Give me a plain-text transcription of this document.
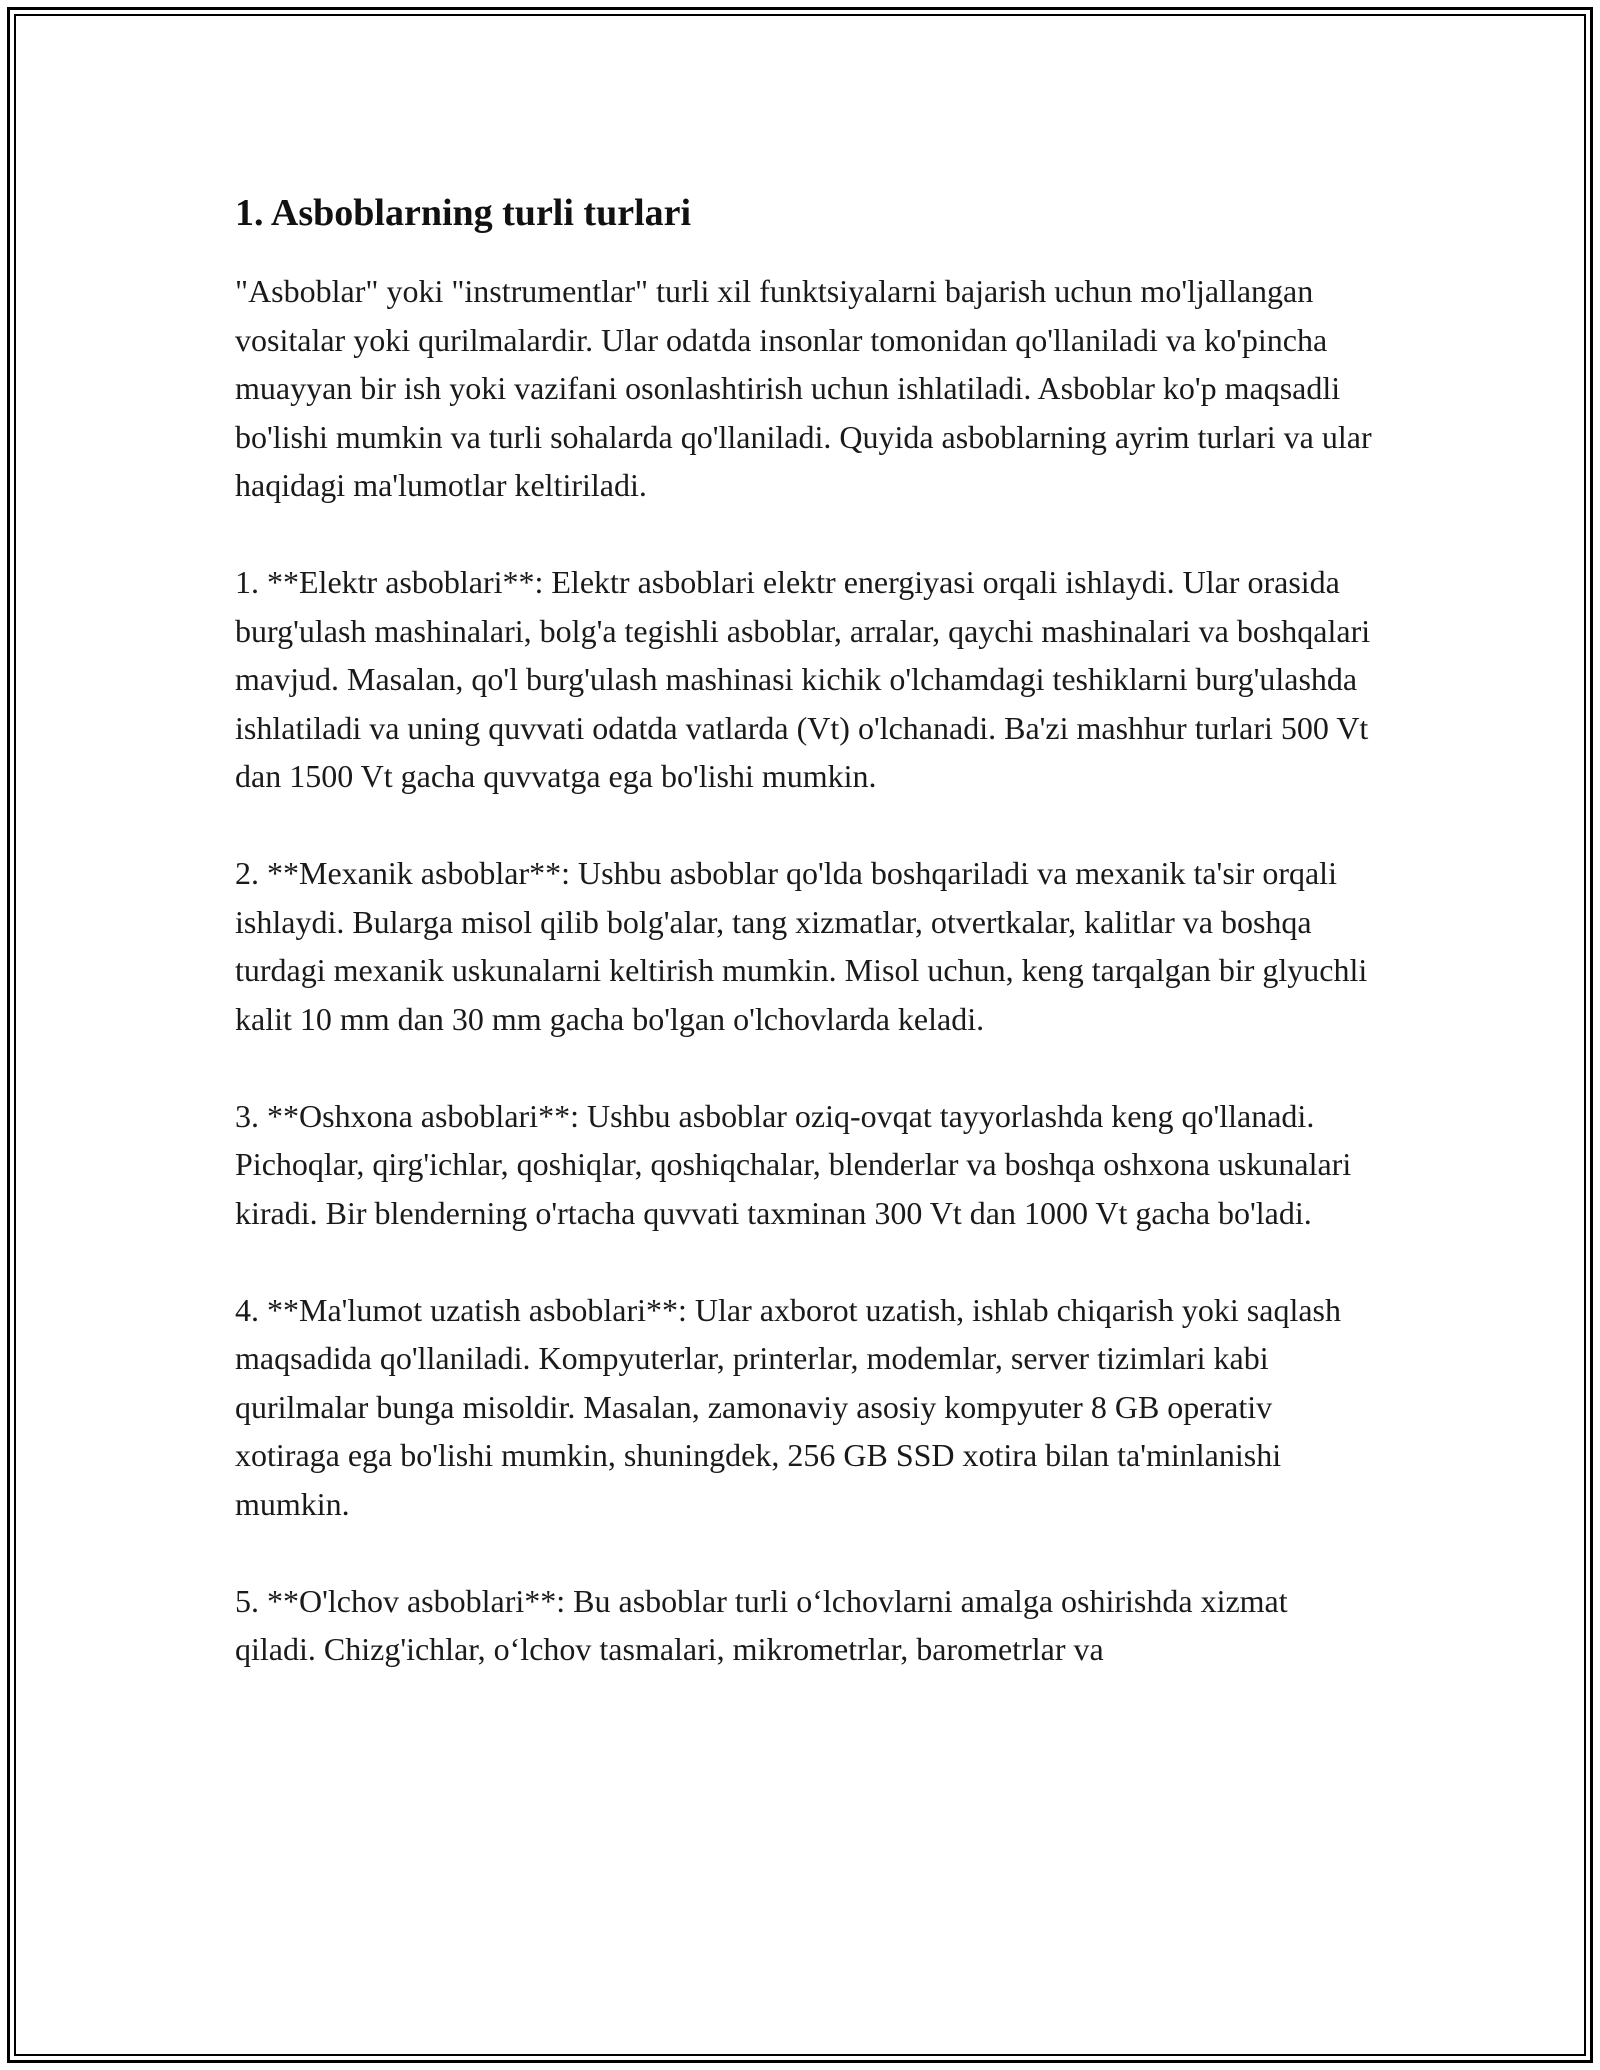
1. Asboblarning turli turlari

"Asboblar" yoki "instrumentlar" turli xil funktsiyalarni bajarish uchun mo'ljallangan vositalar yoki qurilmalardir. Ular odatda insonlar tomonidan qo'llaniladi va ko'pincha muayyan bir ish yoki vazifani osonlashtirish uchun ishlatiladi. Asboblar ko'p maqsadli bo'lishi mumkin va turli sohalarda qo'llaniladi. Quyida asboblarning ayrim turlari va ular haqidagi ma'lumotlar keltiriladi.

1. **Elektr asboblari**: Elektr asboblari elektr energiyasi orqali ishlaydi. Ular orasida burg'ulash mashinalari, bolg'a tegishli asboblar, arralar, qaychi mashinalari va boshqalari mavjud. Masalan, qo'l burg'ulash mashinasi kichik o'lchamdagi teshiklarni burg'ulashda ishlatiladi va uning quvvati odatda vatlarda (Vt) o'lchanadi. Ba'zi mashhur turlari 500 Vt dan 1500 Vt gacha quvvatga ega bo'lishi mumkin.

2. **Mexanik asboblar**: Ushbu asboblar qo'lda boshqariladi va mexanik ta'sir orqali ishlaydi. Bularga misol qilib bolg'alar, tang xizmatlar, otvertkalar, kalitlar va boshqa turdagi mexanik uskunalarni keltirish mumkin. Misol uchun, keng tarqalgan bir glyuchli kalit 10 mm dan 30 mm gacha bo'lgan o'lchovlarda keladi.

3. **Oshxona asboblari**: Ushbu asboblar oziq-ovqat tayyorlashda keng qo'llanadi. Pichoqlar, qirg'ichlar, qoshiqlar, qoshiqchalar, blenderlar va boshqa oshxona uskunalari kiradi. Bir blenderning o'rtacha quvvati taxminan 300 Vt dan 1000 Vt gacha bo'ladi.

4. **Ma'lumot uzatish asboblari**: Ular axborot uzatish, ishlab chiqarish yoki saqlash maqsadida qo'llaniladi. Kompyuterlar, printerlar, modemlar, server tizimlari kabi qurilmalar bunga misoldir. Masalan, zamonaviy asosiy kompyuter 8 GB operativ xotiraga ega bo'lishi mumkin, shuningdek, 256 GB SSD xotira bilan ta'minlanishi mumkin.

5. **O'lchov asboblari**: Bu asboblar turli o‘lchovlarni amalga oshirishda xizmat qiladi. Chizg'ichlar, o‘lchov tasmalari, mikrometrlar, barometrlar va
